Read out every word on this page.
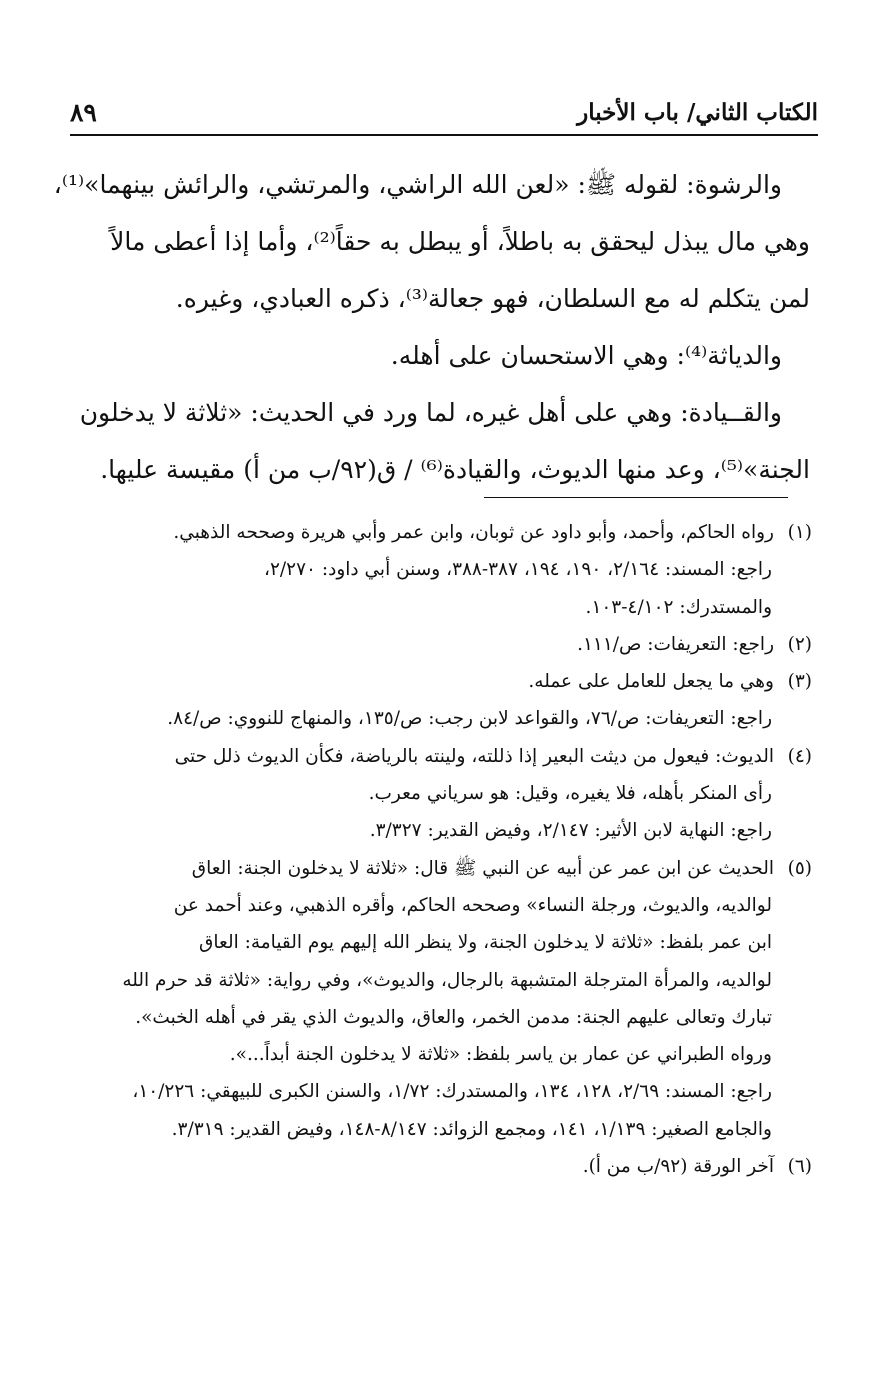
الكتاب الثاني/ باب الأخبار
٨٩

والرشوة: لقوله ﷺ: «لعن الله الراشي، والمرتشي، والرائش بينهما»⁽¹⁾،

وهي مال يبذل ليحقق به باطلاً، أو يبطل به حقاً⁽²⁾، وأما إذا أعطى مالاً

لمن يتكلم له مع السلطان، فهو جعالة⁽³⁾، ذكره العبادي، وغيره.

والدياثة⁽⁴⁾: وهي الاستحسان على أهله.

والقــيادة: وهي على أهل غيره، لما ورد في الحديث: «ثلاثة لا يدخلون

الجنة»⁽⁵⁾، وعد منها الديوث، والقيادة⁽⁶⁾ / ق(٩٢/ب من أ) مقيسة عليها.

(١)رواه الحاكم، وأحمد، وأبو داود عن ثوبان، وابن عمر وأبي هريرة وصححه الذهبي.

راجع: المسند: ٢/١٦٤، ١٩٠، ١٩٤، ٣٨٧-٣٨٨، وسنن أبي داود: ٢/٢٧٠،

والمستدرك: ٤/١٠٢-١٠٣.

(٢)راجع: التعريفات: ص/١١١.

(٣)وهي ما يجعل للعامل على عمله.

راجع: التعريفات: ص/٧٦، والقواعد لابن رجب: ص/١٣٥، والمنهاج للنووي: ص/٨٤.

(٤)الديوث: فيعول من ديثت البعير إذا ذللته، ولينته بالرياضة، فكأن الديوث ذلل حتى

رأى المنكر بأهله، فلا يغيره، وقيل: هو سرياني معرب.

راجع: النهاية لابن الأثير: ٢/١٤٧، وفيض القدير: ٣/٣٢٧.

(٥)الحديث عن ابن عمر عن أبيه عن النبي ﷺ قال: «ثلاثة لا يدخلون الجنة: العاق

لوالديه، والديوث، ورجلة النساء» وصححه الحاكم، وأقره الذهبي، وعند أحمد عن

ابن عمر بلفظ: «ثلاثة لا يدخلون الجنة، ولا ينظر الله إليهم يوم القيامة: العاق

لوالديه، والمرأة المترجلة المتشبهة بالرجال، والديوث»، وفي رواية: «ثلاثة قد حرم الله

تبارك وتعالى عليهم الجنة: مدمن الخمر، والعاق، والديوث الذي يقر في أهله الخبث».

ورواه الطبراني عن عمار بن ياسر بلفظ: «ثلاثة لا يدخلون الجنة أبداً...».

راجع: المسند: ٢/٦٩، ١٢٨، ١٣٤، والمستدرك: ١/٧٢، والسنن الكبرى للبيهقي: ١٠/٢٢٦،

والجامع الصغير: ١/١٣٩، ١٤١، ومجمع الزوائد: ٨/١٤٧-١٤٨، وفيض القدير: ٣/٣١٩.

(٦)آخر الورقة (٩٢/ب من أ).
